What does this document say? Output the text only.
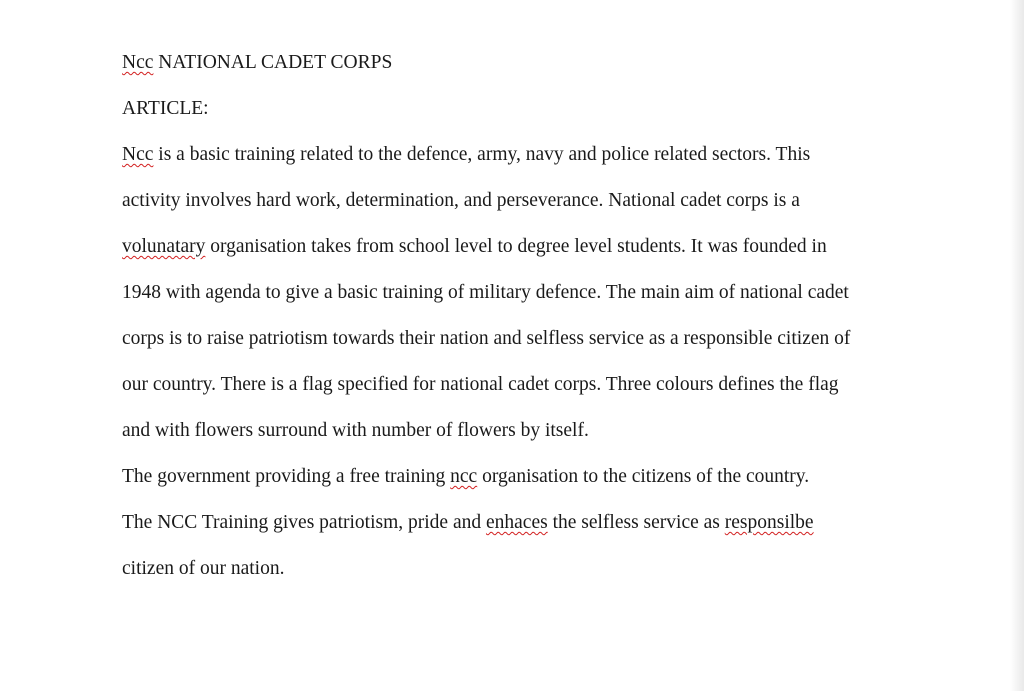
Ncc NATIONAL CADET CORPS
ARTICLE:
Ncc is a basic training related to the defence, army, navy and police related sectors. This
activity involves hard work, determination, and perseverance. National cadet corps is a
volunatary organisation takes from school level to degree level students. It was founded in
1948 with agenda to give a basic training of military defence. The main aim of national cadet
corps is to raise patriotism towards their nation and selfless service as a responsible citizen of
our country. There is a flag specified for national cadet corps. Three colours defines the flag
and with flowers surround with number of flowers by itself.
The government providing a free training ncc organisation to the citizens of the country.
The NCC Training gives patriotism, pride and enhaces the selfless service as responsilbe
citizen of our nation.
